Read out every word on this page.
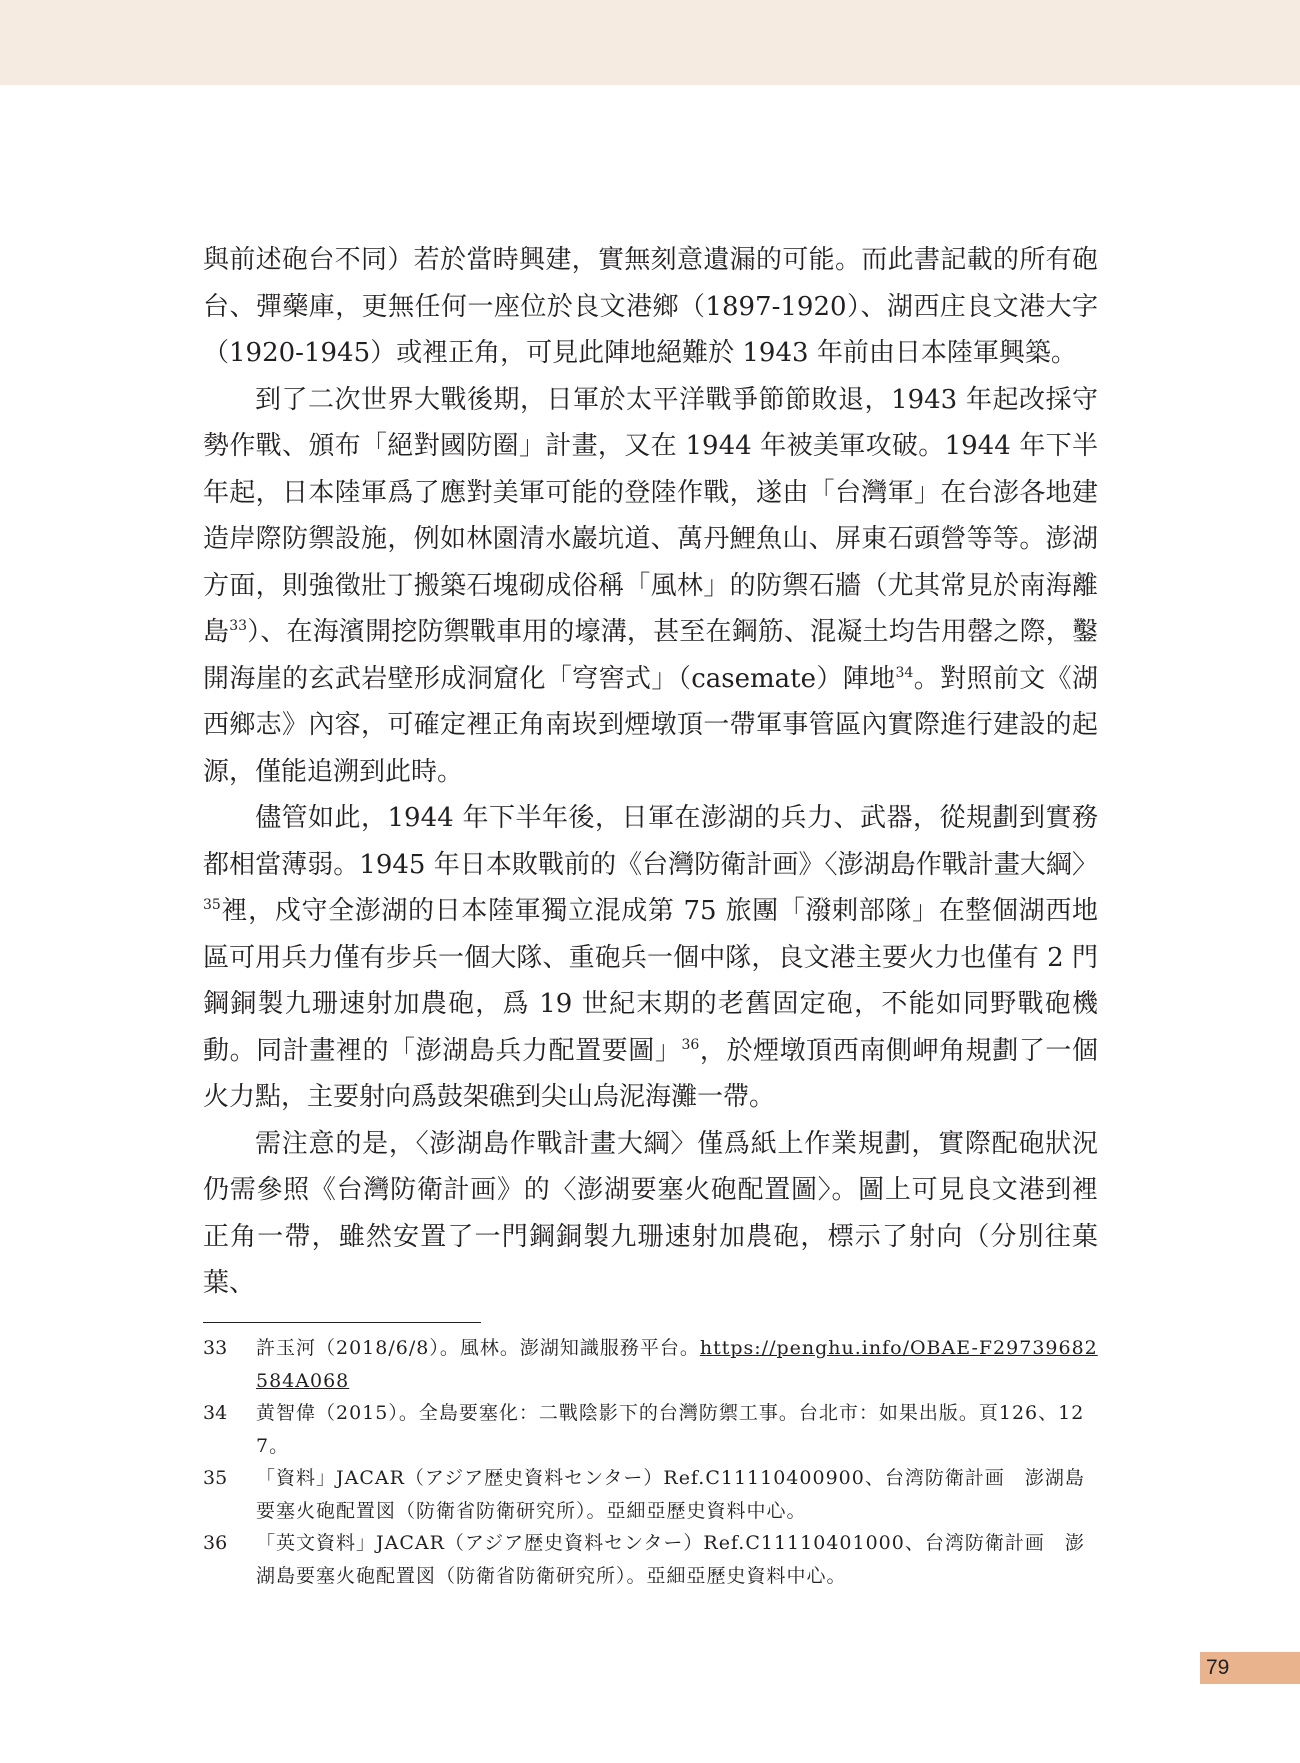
與前述砲台不同）若於當時興建，實無刻意遺漏的可能。而此書記載的所有砲台、彈藥庫，更無任何一座位於良文港鄉（1897-1920）、湖西庄良文港大字（1920-1945）或裡正角，可見此陣地絕難於 1943 年前由日本陸軍興築。

到了二次世界大戰後期，日軍於太平洋戰爭節節敗退，1943 年起改採守勢作戰、頒布「絕對國防圈」計畫，又在 1944 年被美軍攻破。1944 年下半年起，日本陸軍爲了應對美軍可能的登陸作戰，遂由「台灣軍」在台澎各地建造岸際防禦設施，例如林園清水巖坑道、萬丹鯉魚山、屏東石頭營等等。澎湖方面，則強徵壯丁搬築石塊砌成俗稱「風林」的防禦石牆（尤其常見於南海離島$^{33}$）、在海濱開挖防禦戰車用的壕溝，甚至在鋼筋、混凝土均告用罄之際，鑿開海崖的玄武岩壁形成洞窟化「穹窖式」（casemate）陣地$^{34}$。對照前文《湖西鄉志》內容，可確定裡正角南崁到煙墩頂一帶軍事管區內實際進行建設的起源，僅能追溯到此時。

儘管如此，1944 年下半年後，日軍在澎湖的兵力、武器，從規劃到實務都相當薄弱。1945 年日本敗戰前的《台灣防衛計画》〈澎湖島作戰計畫大綱〉$^{35}$裡，戍守全澎湖的日本陸軍獨立混成第 75 旅團「潑剌部隊」在整個湖西地區可用兵力僅有步兵一個大隊、重砲兵一個中隊，良文港主要火力也僅有 2 門鋼銅製九珊速射加農砲，爲 19 世紀末期的老舊固定砲，不能如同野戰砲機動。同計畫裡的「澎湖島兵力配置要圖」$^{36}$，於煙墩頂西南側岬角規劃了一個火力點，主要射向爲鼓架礁到尖山烏泥海灘一帶。

需注意的是，〈澎湖島作戰計畫大綱〉僅爲紙上作業規劃，實際配砲狀況仍需參照《台灣防衛計画》的〈澎湖要塞火砲配置圖〉。圖上可見良文港到裡正角一帶，雖然安置了一門鋼銅製九珊速射加農砲，標示了射向（分別往菓葉、

33	許玉河（2018/6/8）。風林。澎湖知識服務平台。https://penghu.info/OBAE-F29739682584A068
34	黄智偉（2015）。全島要塞化：二戰陰影下的台灣防禦工事。台北市：如果出版。頁126、127。
35	「資料」JACAR（アジア歴史資料センター）Ref.C11110400900、台湾防衛計画　澎湖島要塞火砲配置図（防衛省防衛研究所）。亞細亞歷史資料中心。
36	「英文資料」JACAR（アジア歴史資料センター）Ref.C11110401000、台湾防衛計画　澎湖島要塞火砲配置図（防衛省防衛研究所）。亞細亞歷史資料中心。
79
